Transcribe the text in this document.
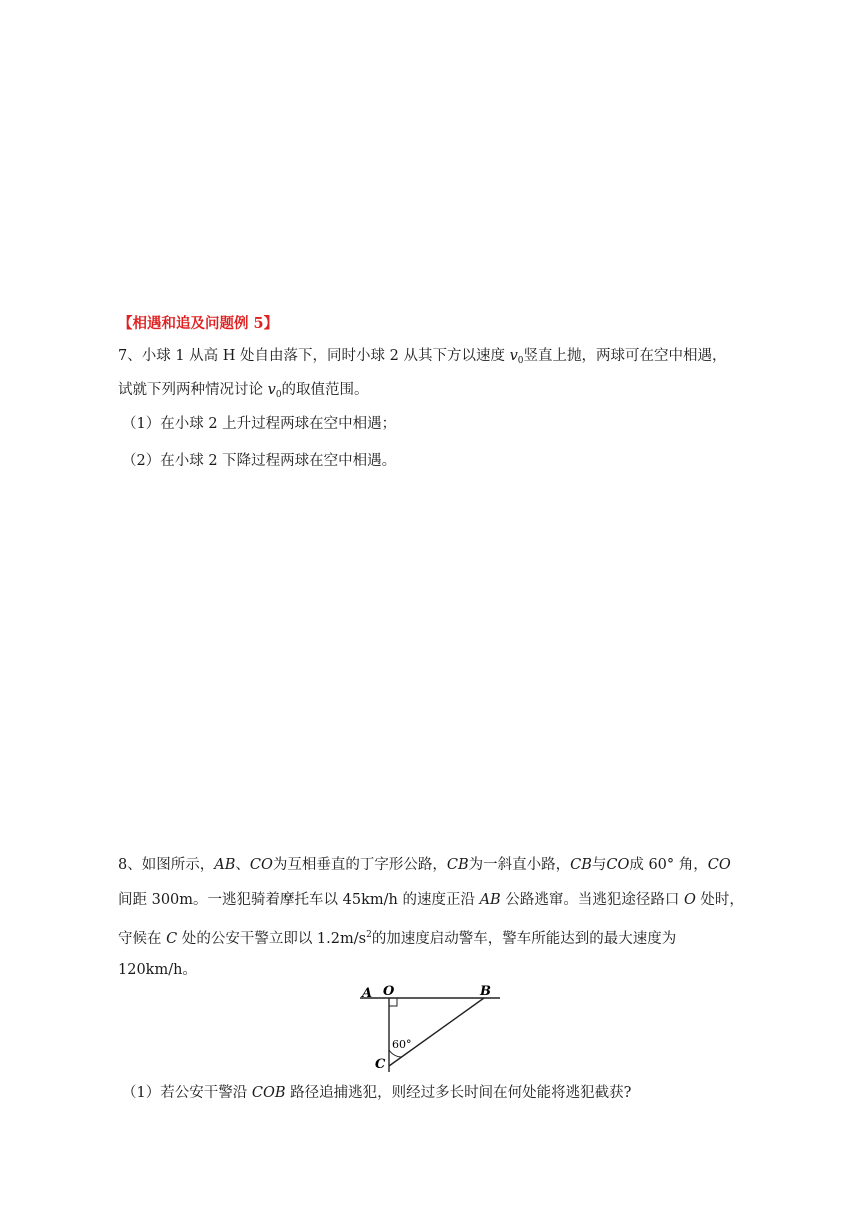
【相遇和追及问题例 5】
7、小球 1 从高 H 处自由落下，同时小球 2 从其下方以速度 $v_0$竖直上抛，两球可在空中相遇，
试就下列两种情况讨论 $v_0$的取值范围。
（1）在小球 2 上升过程两球在空中相遇；
（2）在小球 2 下降过程两球在空中相遇。
8、如图所示，AB、CO为互相垂直的丁字形公路，CB为一斜直小路，CB与CO成 60° 角，CO
间距 300m。一逃犯骑着摩托车以 45km/h 的速度正沿 AB 公路逃窜。当逃犯途径路口 O 处时，
守候在 C 处的公安干警立即以 $1.2m/s^2$的加速度启动警车，警车所能达到的最大速度为
120km/h。
A O	B
C
60°
（1）若公安干警沿 COB 路径追捕逃犯，则经过多长时间在何处能将逃犯截获?
